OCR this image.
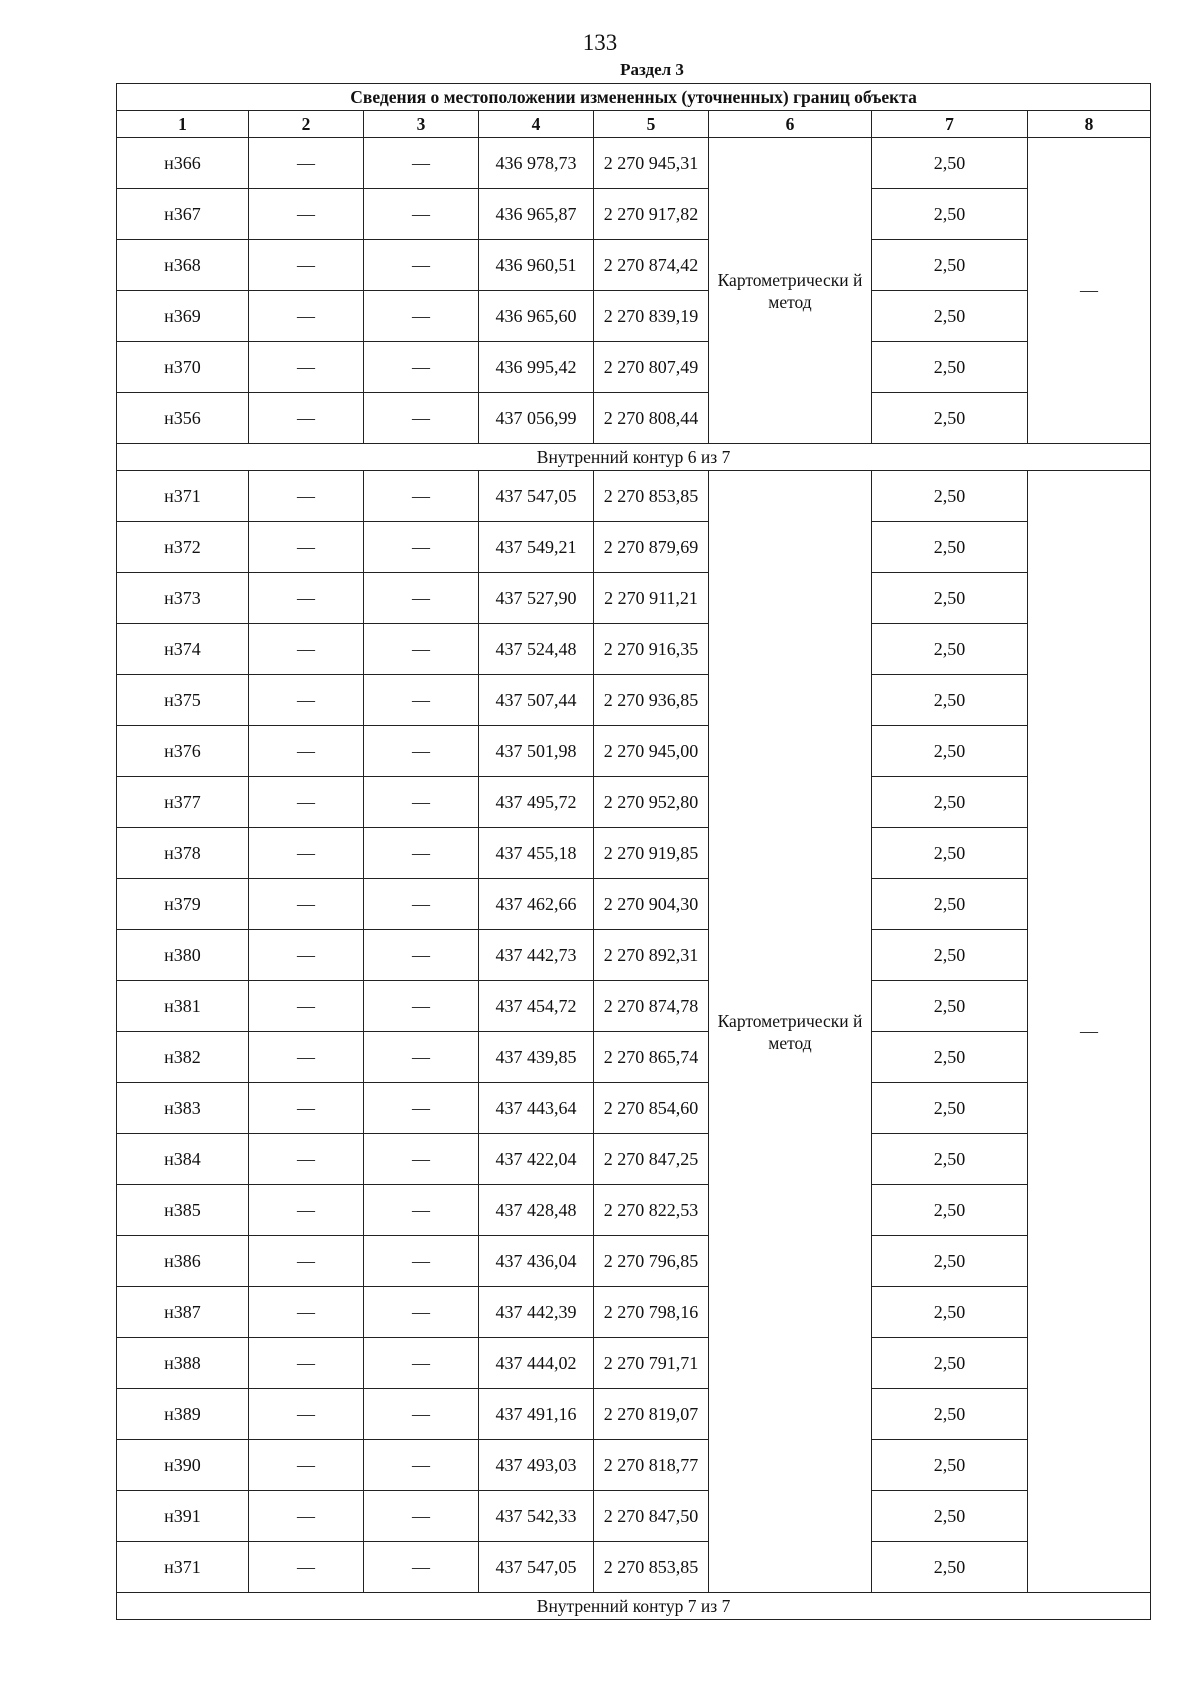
133
Раздел 3
Сведения о местоположении измененных (уточненных) границ объекта							
1	2	3	4	5	6	7	8
н366	—	—	436 978,73	2 270 945,31	Картометрически й метод	2,50	—
н367	—	—	436 965,87	2 270 917,82		2,50	
н368	—	—	436 960,51	2 270 874,42		2,50	
н369	—	—	436 965,60	2 270 839,19		2,50	
н370	—	—	436 995,42	2 270 807,49		2,50	
н356	—	—	437 056,99	2 270 808,44		2,50	
Внутренний контур 6 из 7							
н371	—	—	437 547,05	2 270 853,85	Картометрически й метод	2,50	—
н372	—	—	437 549,21	2 270 879,69		2,50	
н373	—	—	437 527,90	2 270 911,21		2,50	
н374	—	—	437 524,48	2 270 916,35		2,50	
н375	—	—	437 507,44	2 270 936,85		2,50	
н376	—	—	437 501,98	2 270 945,00		2,50	
н377	—	—	437 495,72	2 270 952,80		2,50	
н378	—	—	437 455,18	2 270 919,85		2,50	
н379	—	—	437 462,66	2 270 904,30		2,50	
н380	—	—	437 442,73	2 270 892,31		2,50	
н381	—	—	437 454,72	2 270 874,78		2,50	
н382	—	—	437 439,85	2 270 865,74		2,50	
н383	—	—	437 443,64	2 270 854,60		2,50	
н384	—	—	437 422,04	2 270 847,25		2,50	
н385	—	—	437 428,48	2 270 822,53		2,50	
н386	—	—	437 436,04	2 270 796,85		2,50	
н387	—	—	437 442,39	2 270 798,16		2,50	
н388	—	—	437 444,02	2 270 791,71		2,50	
н389	—	—	437 491,16	2 270 819,07		2,50	
н390	—	—	437 493,03	2 270 818,77		2,50	
н391	—	—	437 542,33	2 270 847,50		2,50	
н371	—	—	437 547,05	2 270 853,85		2,50	
Внутренний контур 7 из 7							
